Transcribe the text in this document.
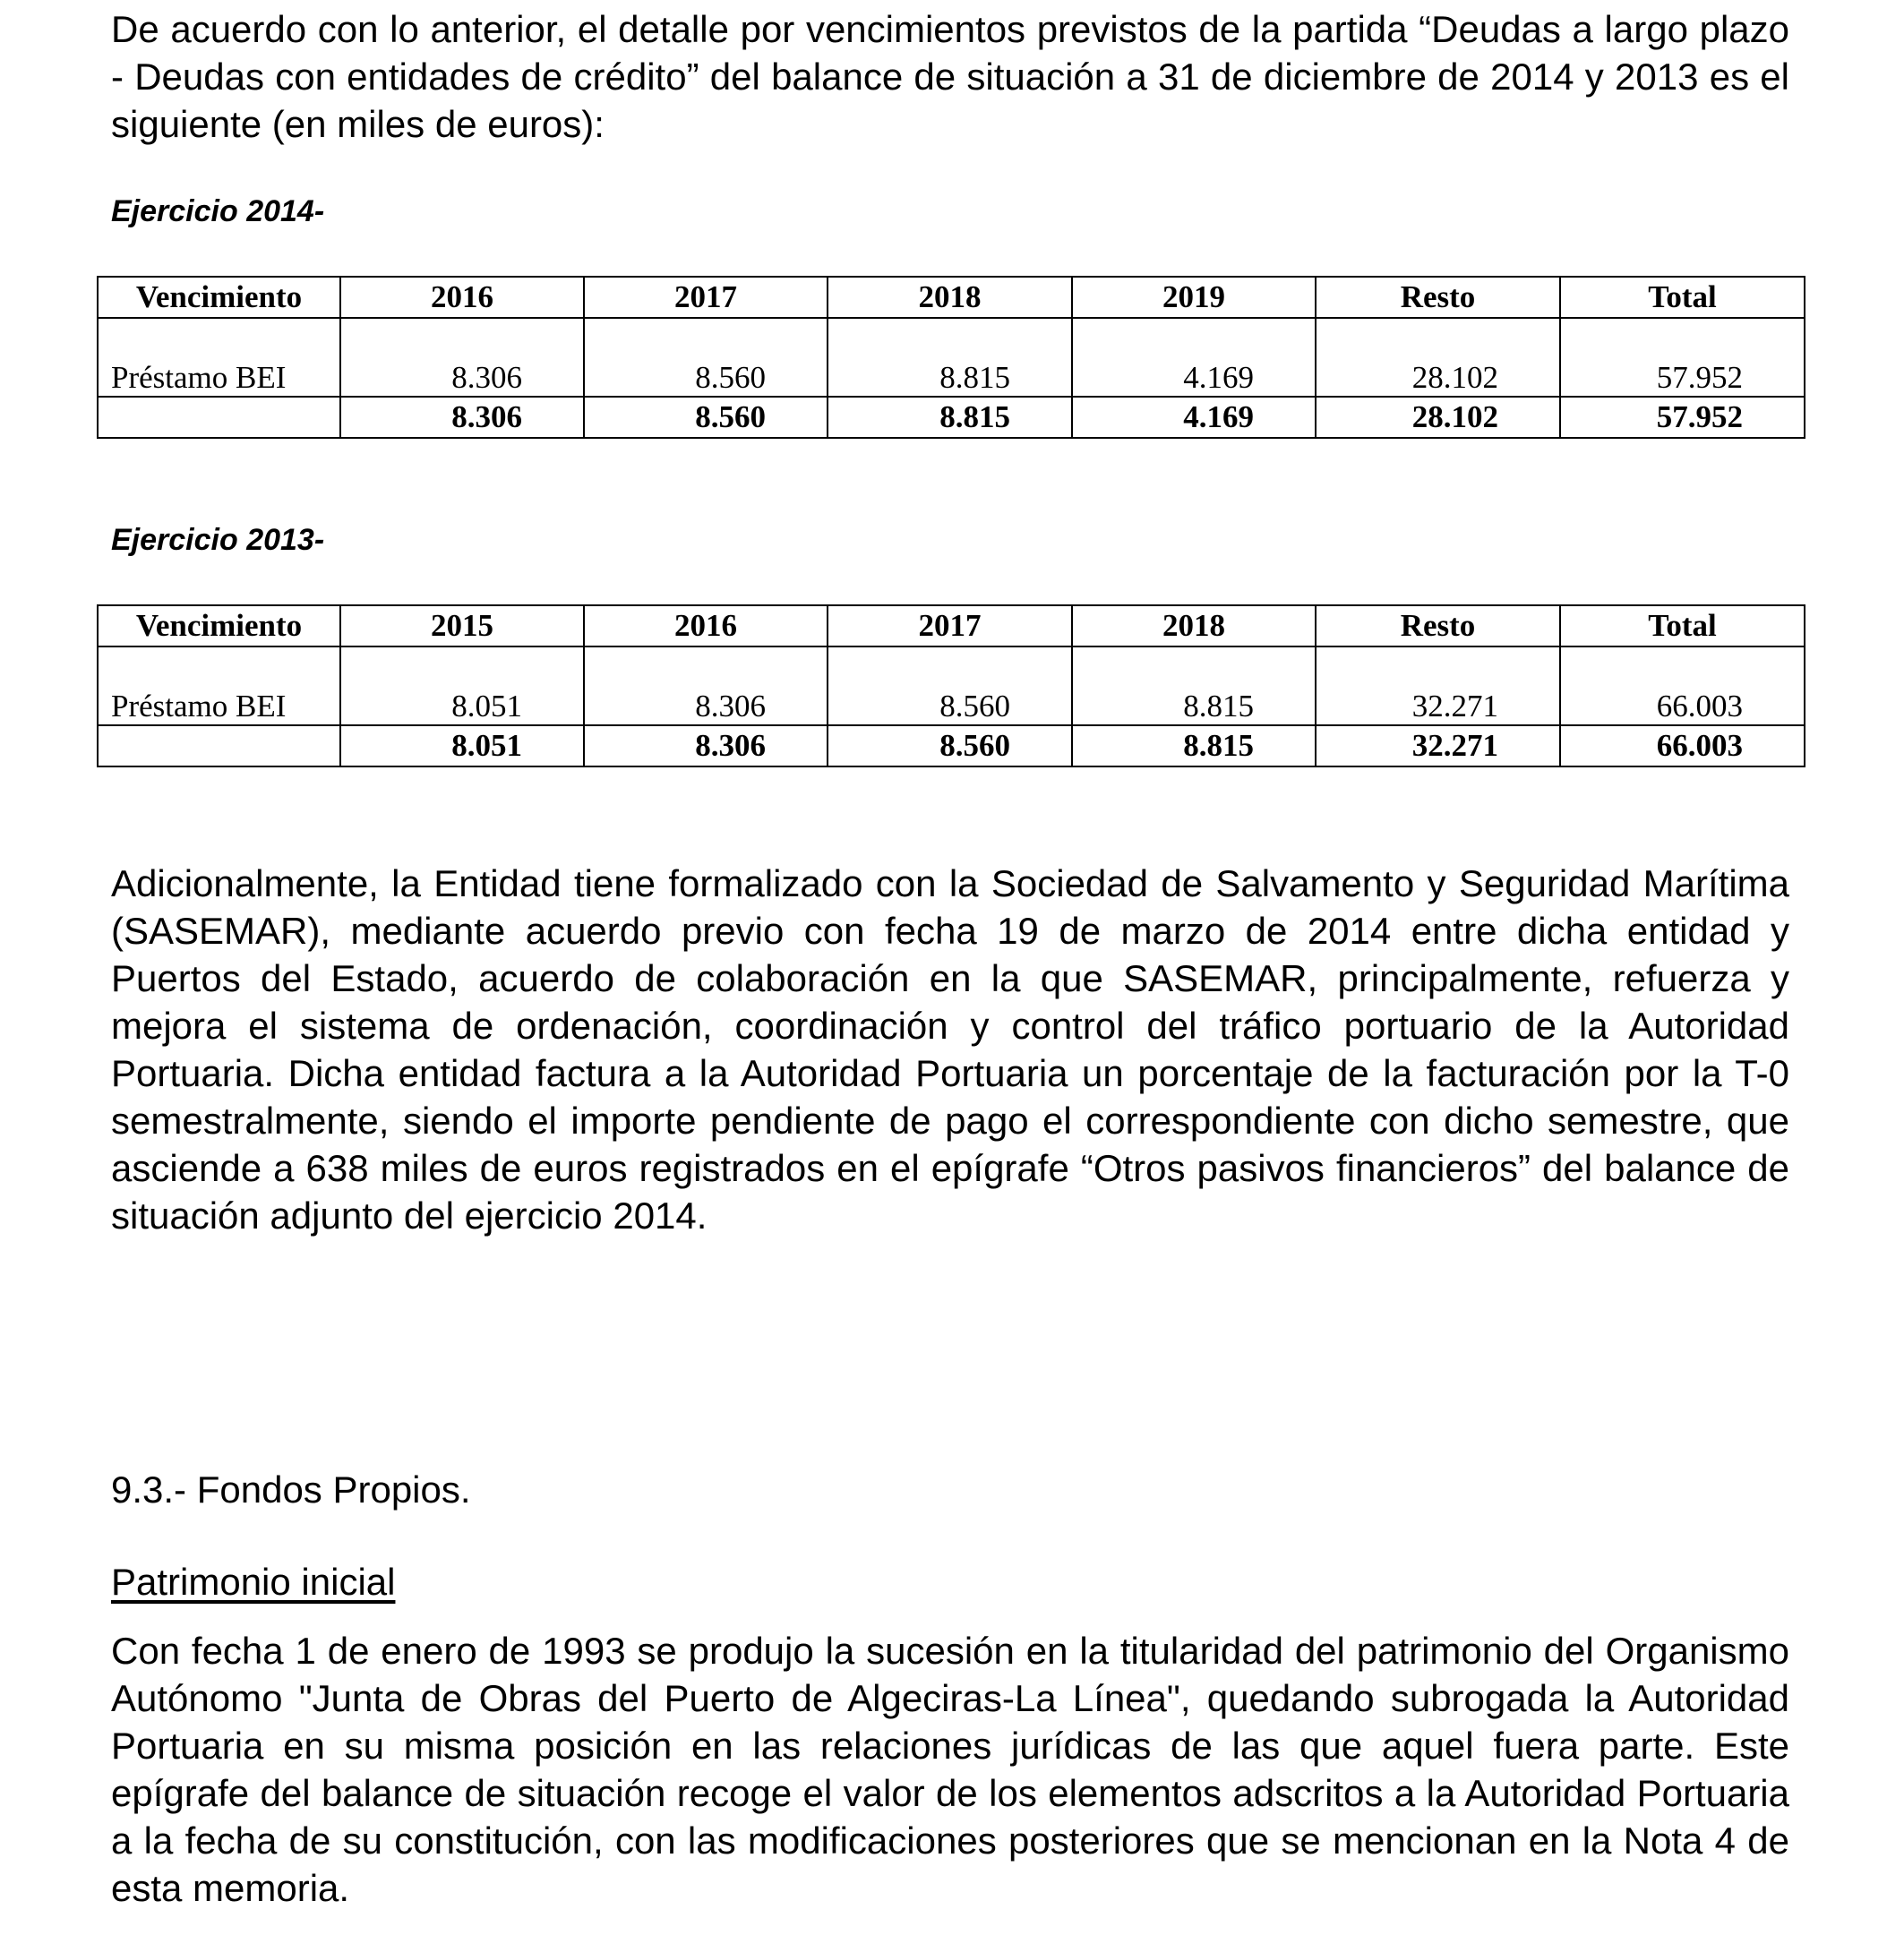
De acuerdo con lo anterior, el detalle por vencimientos previstos de la partida “Deudas a largo plazo - Deudas con entidades de crédito” del balance de situación a 31 de diciembre de 2014 y 2013 es el siguiente (en miles de euros):

Ejercicio 2014-

Vencimiento	2016	2017	2018	2019	Resto	Total
Préstamo BEI	8.306	8.560	8.815	4.169	28.102	57.952
	8.306	8.560	8.815	4.169	28.102	57.952

Ejercicio 2013-

Vencimiento	2015	2016	2017	2018	Resto	Total
Préstamo BEI	8.051	8.306	8.560	8.815	32.271	66.003
	8.051	8.306	8.560	8.815	32.271	66.003

Adicionalmente, la Entidad tiene formalizado con la Sociedad de Salvamento y Seguridad Marítima (SASEMAR), mediante acuerdo previo con fecha 19 de marzo de 2014 entre dicha entidad y Puertos del Estado, acuerdo de colaboración en la que SASEMAR, principalmente, refuerza y mejora el sistema de ordenación, coordinación y control del tráfico portuario de la Autoridad Portuaria. Dicha entidad factura a la Autoridad Portuaria un porcentaje de la facturación por la T-0 semestralmente, siendo el importe pendiente de pago el correspondiente con dicho semestre, que asciende a 638 miles de euros registrados en el epígrafe “Otros pasivos financieros” del balance de situación adjunto del ejercicio 2014.

9.3.- Fondos Propios.

Patrimonio inicial

Con fecha 1 de enero de 1993 se produjo la sucesión en la titularidad del patrimonio del Organismo Autónomo "Junta de Obras del Puerto de Algeciras-La Línea", quedando subrogada la Autoridad Portuaria en su misma posición en las relaciones jurídicas de las que aquel fuera parte. Este epígrafe del balance de situación recoge el valor de los elementos adscritos a la Autoridad Portuaria a la fecha de su constitución, con las modificaciones posteriores que se mencionan en la Nota 4 de esta memoria.
